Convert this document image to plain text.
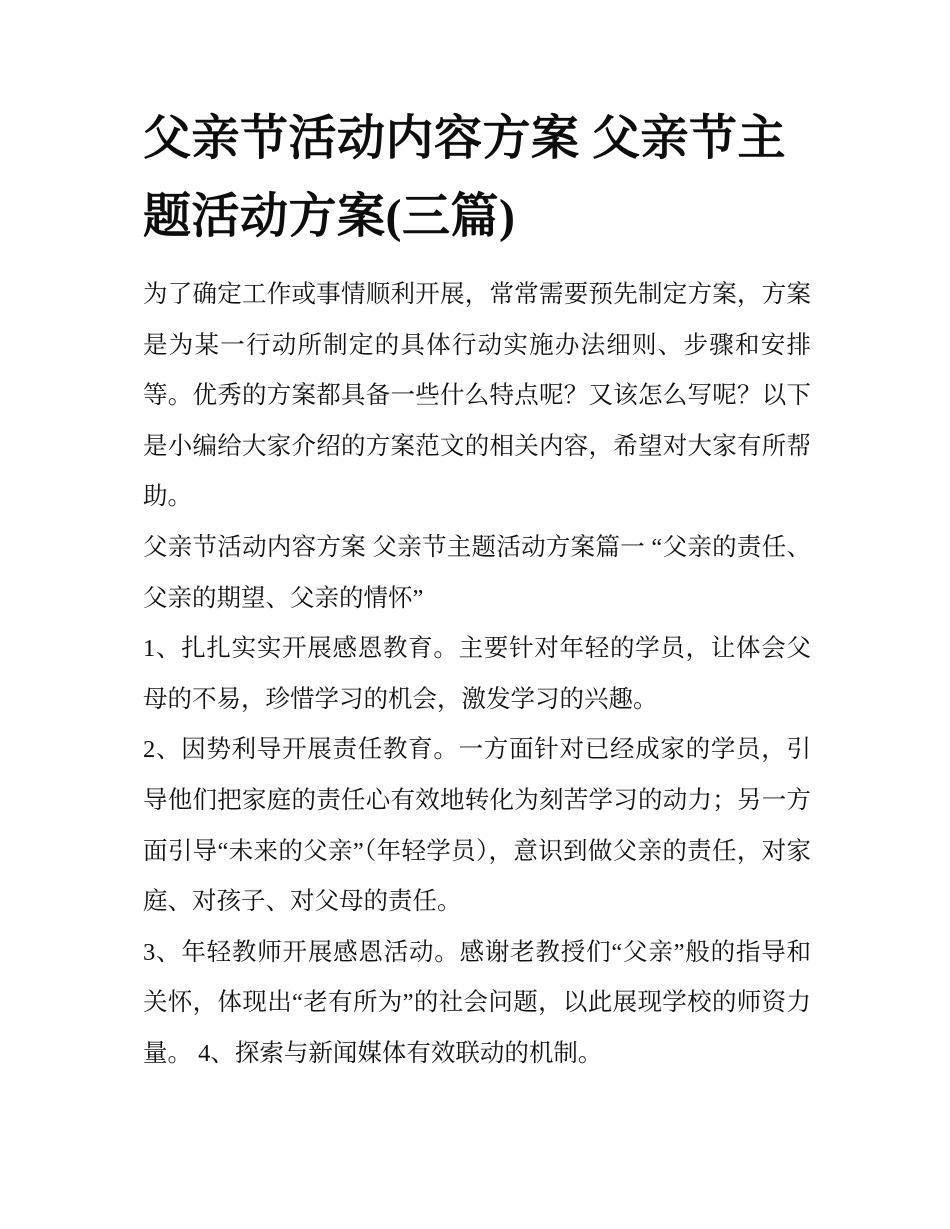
父亲节活动内容方案 父亲节主题活动方案(三篇)

为了确定工作或事情顺利开展，常常需要预先制定方案，方案是为某一行动所制定的具体行动实施办法细则、步骤和安排等。优秀的方案都具备一些什么特点呢？又该怎么写呢？以下是小编给大家介绍的方案范文的相关内容，希望对大家有所帮助。

父亲节活动内容方案 父亲节主题活动方案篇一 “父亲的责任、父亲的期望、父亲的情怀”

1、扎扎实实开展感恩教育。主要针对年轻的学员，让体会父母的不易，珍惜学习的机会，激发学习的兴趣。

2、因势利导开展责任教育。一方面针对已经成家的学员，引导他们把家庭的责任心有效地转化为刻苦学习的动力；另一方面引导“未来的父亲”（年轻学员），意识到做父亲的责任，对家庭、对孩子、对父母的责任。

3、年轻教师开展感恩活动。感谢老教授们“父亲”般的指导和关怀，体现出“老有所为”的社会问题，以此展现学校的师资力量。 4、探索与新闻媒体有效联动的机制。
